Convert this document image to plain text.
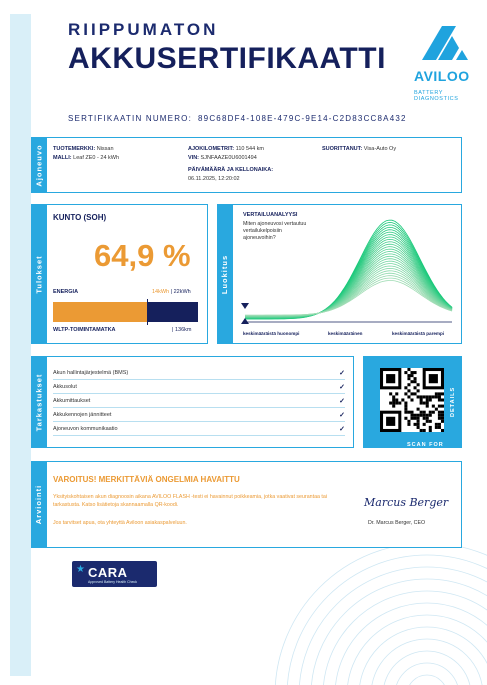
RIIPPUMATON
AKKUSERTIFIKAATTI
AVILOO
BATTERY DIAGNOSTICS
SERTIFIKAATIN NUMERO: 89C68DF4-108E-479C-9E14-C2D83CC8A432
Ajoneuvo TUOTEMERKKI: Nissan
MALLI: Leaf ZE0 - 24 kWh
AJOKILOMETRIT: 110 544 km
VIN: SJNFAAZE0U6001494
PÄIVÄMÄÄRÄ JA KELLONAIKA:
06.11.2025, 12:20:02
SUORITTANUT: Visa-Auto Oy
Tulokset
KUNTO (SOH)
64,9 %
ENERGIA	14kWh | 22kWh
WLTP-TOIMINTAMATKA	| 136km
Luokitus
VERTAILUANALYYSI
Miten ajoneuvosi vertautuu vertailukelpoisiin ajoneuvoihin?
keskimääräistä huonompi	keskimääräinen	keskimääräistä parempi
Tarkastukset
Akun hallintajärjestelmä (BMS)	✓
Akkusolut	✓
Akkumittaukset	✓
Akkukennojen jännitteet	✓
Ajoneuvon kommunikaatio	✓
SCAN FOR
DETAILS
Arviointi
VAROITUS! MERKITTÄVIÄ ONGELMIA HAVAITTU
Yksityiskohtaisen akun diagnoosin aikana AVILOO FLASH -testi ei havainnut poikkeamia, jotka vaativat seurantaa tai tarkastusta. Katso lisätietoja skannaamalla QR-koodi.
Jos tarvitset apua, ota yhteyttä Aviloon asiakaspalveluun.
Marcus Berger
Dr. Marcus Berger, CEO
★ CARA
Approved Battery Health Check
